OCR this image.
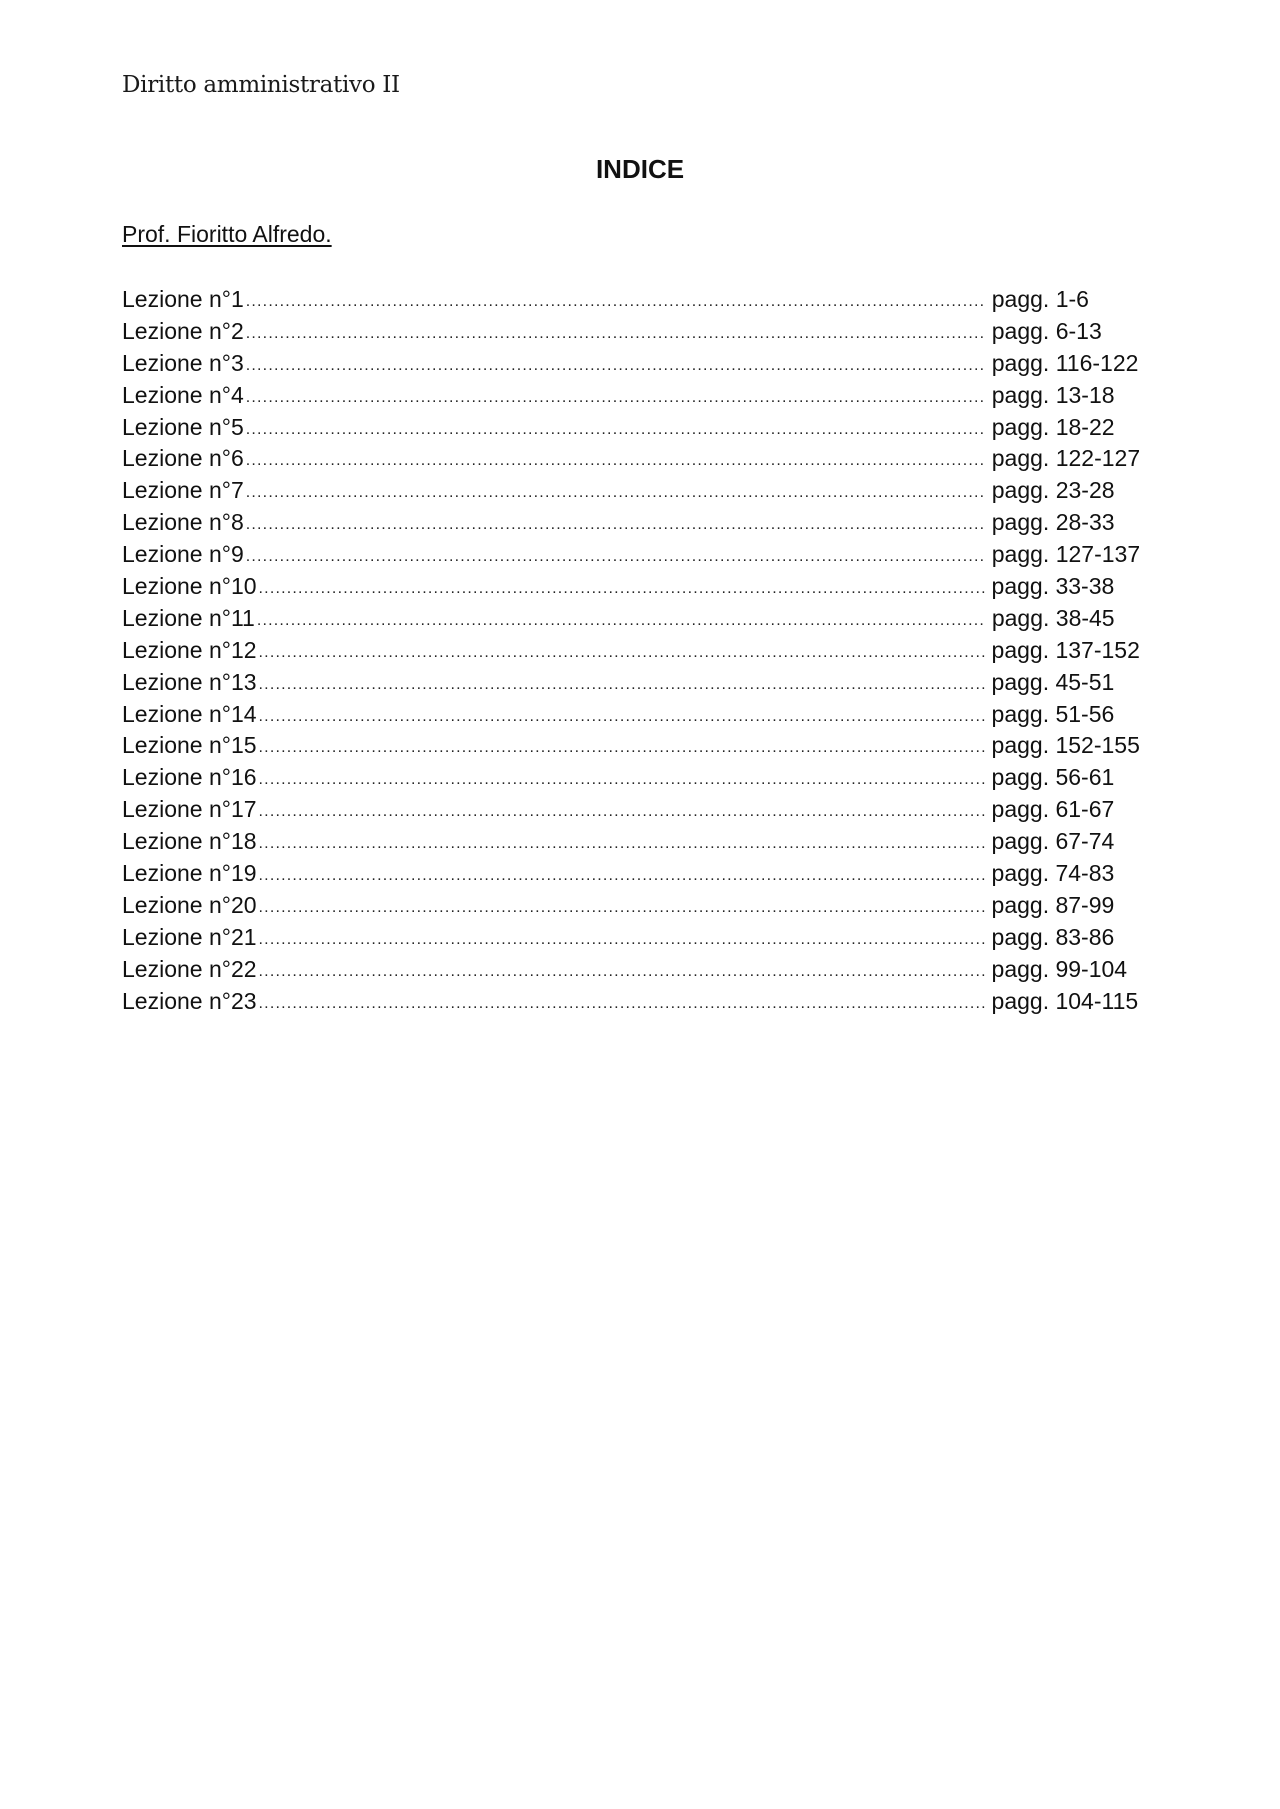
Diritto amministrativo II
INDICE
Prof. Fioritto Alfredo.
Lezione n°1 .....	pagg. 1-6
Lezione n°2 .....	pagg. 6-13
Lezione n°3 .....	pagg. 116-122
Lezione n°4 .....	pagg. 13-18
Lezione n°5 .....	pagg. 18-22
Lezione n°6 .....	pagg. 122-127
Lezione n°7 .....	pagg. 23-28
Lezione n°8 .....	pagg. 28-33
Lezione n°9 .....	pagg. 127-137
Lezione n°10 .....	pagg. 33-38
Lezione n°11 .....	pagg. 38-45
Lezione n°12 .....	pagg. 137-152
Lezione n°13 .....	pagg. 45-51
Lezione n°14 .....	pagg. 51-56
Lezione n°15 .....	pagg. 152-155
Lezione n°16 .....	pagg. 56-61
Lezione n°17 .....	pagg. 61-67
Lezione n°18 .....	pagg. 67-74
Lezione n°19 .....	pagg. 74-83
Lezione n°20 .....	pagg. 87-99
Lezione n°21 .....	pagg. 83-86
Lezione n°22 .....	pagg. 99-104
Lezione n°23 .....	pagg. 104-115
